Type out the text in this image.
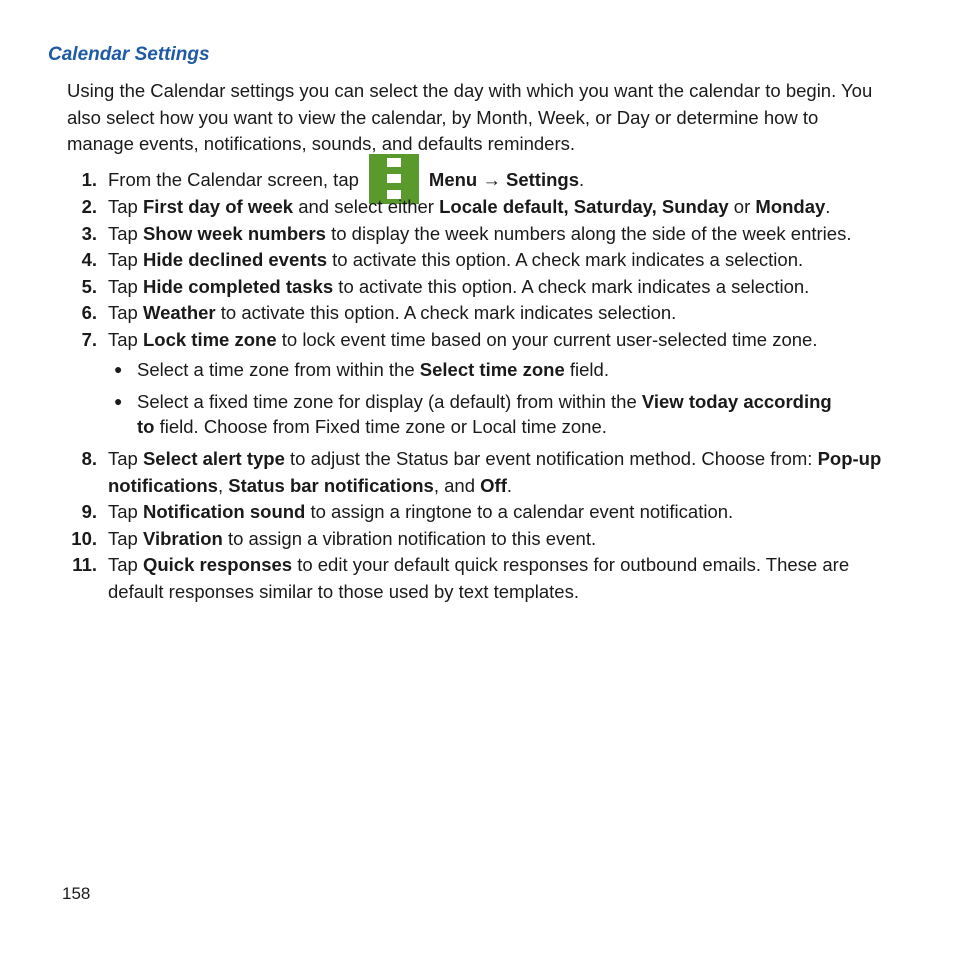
Calendar Settings

Using the Calendar settings you can select the day with which you want the calendar to begin. You also select how you want to view the calendar, by Month, Week, or Day or determine how to manage events, notifications, sounds, and defaults reminders.

1. From the Calendar screen, tap	Menu → Settings.
2. Tap First day of week and select either Locale default, Saturday, Sunday or Monday.
3. Tap Show week numbers to display the week numbers along the side of the week entries.
4. Tap Hide declined events to activate this option. A check mark indicates a selection.
5. Tap Hide completed tasks to activate this option. A check mark indicates a selection.
6. Tap Weather to activate this option. A check mark indicates selection.
7. Tap Lock time zone to lock event time based on your current user-selected time zone.
● Select a time zone from within the Select time zone field.
● Select a fixed time zone for display (a default) from within the View today according to field. Choose from Fixed time zone or Local time zone.
8. Tap Select alert type to adjust the Status bar event notification method. Choose from: Pop-up notifications, Status bar notifications, and Off.
9. Tap Notification sound to assign a ringtone to a calendar event notification.
10. Tap Vibration to assign a vibration notification to this event.
11. Tap Quick responses to edit your default quick responses for outbound emails. These are default responses similar to those used by text templates.

158
